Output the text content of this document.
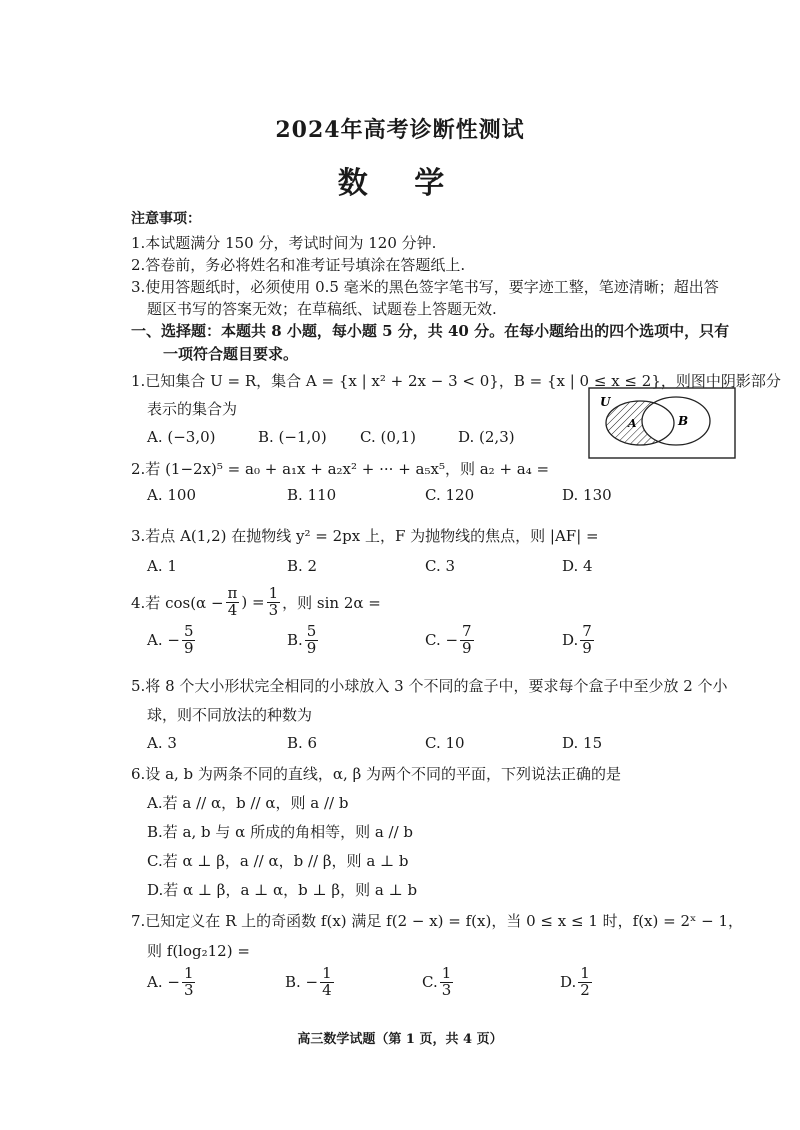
2024年高考诊断性测试
数 学
注意事项：
1.本试题满分 150 分，考试时间为 120 分钟.
2.答卷前，务必将姓名和准考证号填涂在答题纸上.
3.使用答题纸时，必须使用 0.5 毫米的黑色签字笔书写，要字迹工整，笔迹清晰；超出答
题区书写的答案无效；在草稿纸、试题卷上答题无效.
一、选择题：本题共 8 小题，每小题 5 分，共 40 分。在每小题给出的四个选项中，只有
一项符合题目要求。
1.已知集合 U = R，集合 A = {x | x² + 2x − 3 < 0}，B = {x | 0 ≤ x ≤ 2}，则图中阴影部分
表示的集合为
A. (−3,0)	B. (−1,0) C. (0,1)	D. (2,3)
U
A	B
2.若 (1−2x)⁵ = a₀ + a₁x + a₂x² + ··· + a₅x⁵，则 a₂ + a₄ =
A. 100	B. 110	C. 120	D. 130
3.若点 A(1,2) 在抛物线 y² = 2px 上，F 为抛物线的焦点，则 |AF| =
A. 1	B. 2	C. 3	D. 4
4.若 $\cos(\alpha - \frac{\pi}{4}$ ) = $\frac{1}{3}$ ，则 sin 2α =
A. − $\frac{5}{9}$	B. $\frac{5}{9}$	C. − $\frac{7}{9}$	D. $\frac{7}{9}$
5.将 8 个大小形状完全相同的小球放入 3 个不同的盒子中，要求每个盒子中至少放 2 个小
球，则不同放法的种数为
A. 3	B. 6	C. 10	D. 15
6.设 a, b 为两条不同的直线，α, β 为两个不同的平面，下列说法正确的是
A.若 a // α，b // α，则 a // b
B.若 a, b 与 α 所成的角相等，则 a // b
C.若 α ⊥ β，a // α，b // β，则 a ⊥ b
D.若 α ⊥ β，a ⊥ α，b ⊥ β，则 a ⊥ b
7.已知定义在 R 上的奇函数 f(x) 满足 f(2 − x) = f(x)，当 0 ≤ x ≤ 1 时，f(x) = 2ˣ − 1，
则 f(log₂12) =
A. − $\frac{1}{3}$	B. − $\frac{1}{4}$	C. $\frac{1}{3}$	D. $\frac{1}{2}$
高三数学试题（第 1 页，共 4 页）
